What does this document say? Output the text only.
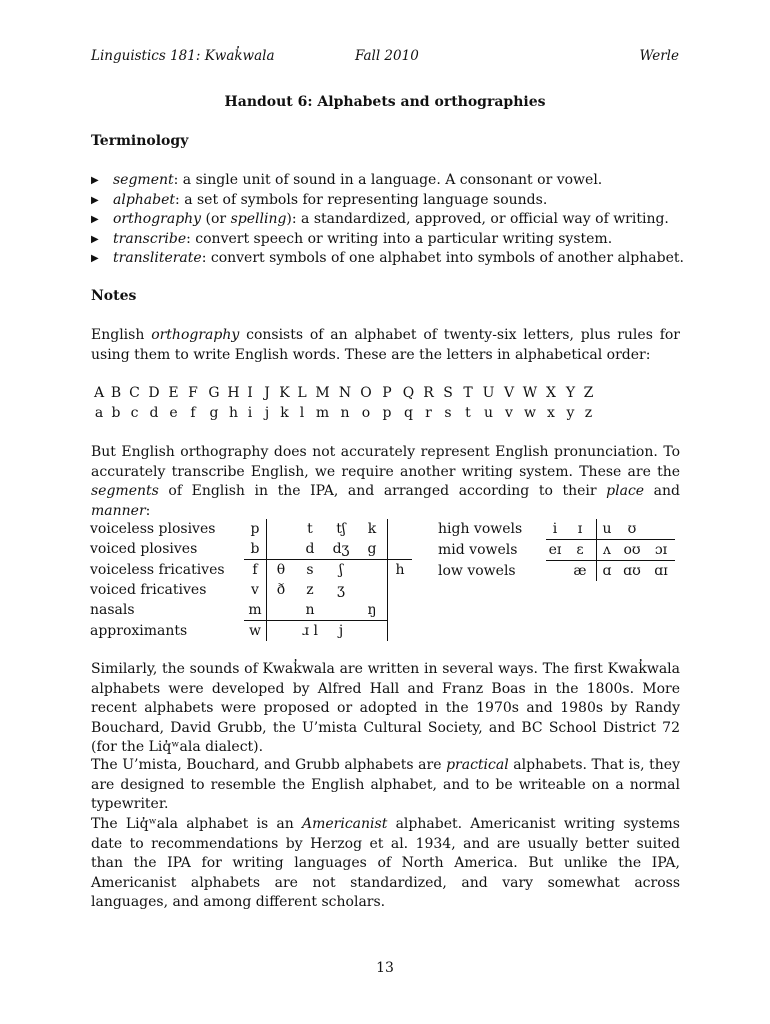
Linguistics 181: Kwak̓wala	Fall 2010	Werle
Handout 6: Alphabets and orthographies
Terminology
▶ segment: a single unit of sound in a language. A consonant or vowel.
▶ alphabet: a set of symbols for representing language sounds.
▶ orthography (or spelling): a standardized, approved, or official way of writing.
▶ transcribe: convert speech or writing into a particular writing system.
▶ transliterate: convert symbols of one alphabet into symbols of another alphabet.
Notes
English orthography consists of an alphabet of twenty-six letters, plus rules for using them to write English words. These are the letters in alphabetical order:
A B C D E F G H I J K L M N O P Q R S T U V W X Y Z
a b c d e f g h i j k l m n o p q r s t u v w x y z
But English orthography does not accurately represent English pronunciation. To accurately transcribe English, we require another writing system. These are the segments of English in the IPA, and arranged according to their place and manner:
voiceless plosives	p		t	tʃ	k	
voiced plosives	b		d	dʒ	g	
voiceless fricatives	f	θ	s	ʃ		h
voiced fricatives	v	ð	z	ʒ		
nasals	m		n		ŋ	
approximants	w		ɹ l	j		
high vowels	i	ɪ	u	ʊ	
mid vowels	eɪ	ɛ	ʌ	oʊ	ɔɪ
low vowels		æ	ɑ	ɑʊ	ɑɪ
Similarly, the sounds of Kwak̓wala are written in several ways. The first Kwak̓wala alphabets were developed by Alfred Hall and Franz Boas in the 1800s. More recent alphabets were proposed or adopted in the 1970s and 1980s by Randy Bouchard, David Grubb, the U’mista Cultural Society, and BC School District 72 (for the Liq̓ʷala dialect).
The U’mista, Bouchard, and Grubb alphabets are practical alphabets. That is, they are designed to resemble the English alphabet, and to be writeable on a normal typewriter.
The Liq̓ʷala alphabet is an Americanist alphabet. Americanist writing systems date to recommendations by Herzog et al. 1934, and are usually better suited than the IPA for writing languages of North America. But unlike the IPA, Americanist alphabets are not standardized, and vary somewhat across languages, and among different scholars.
13
